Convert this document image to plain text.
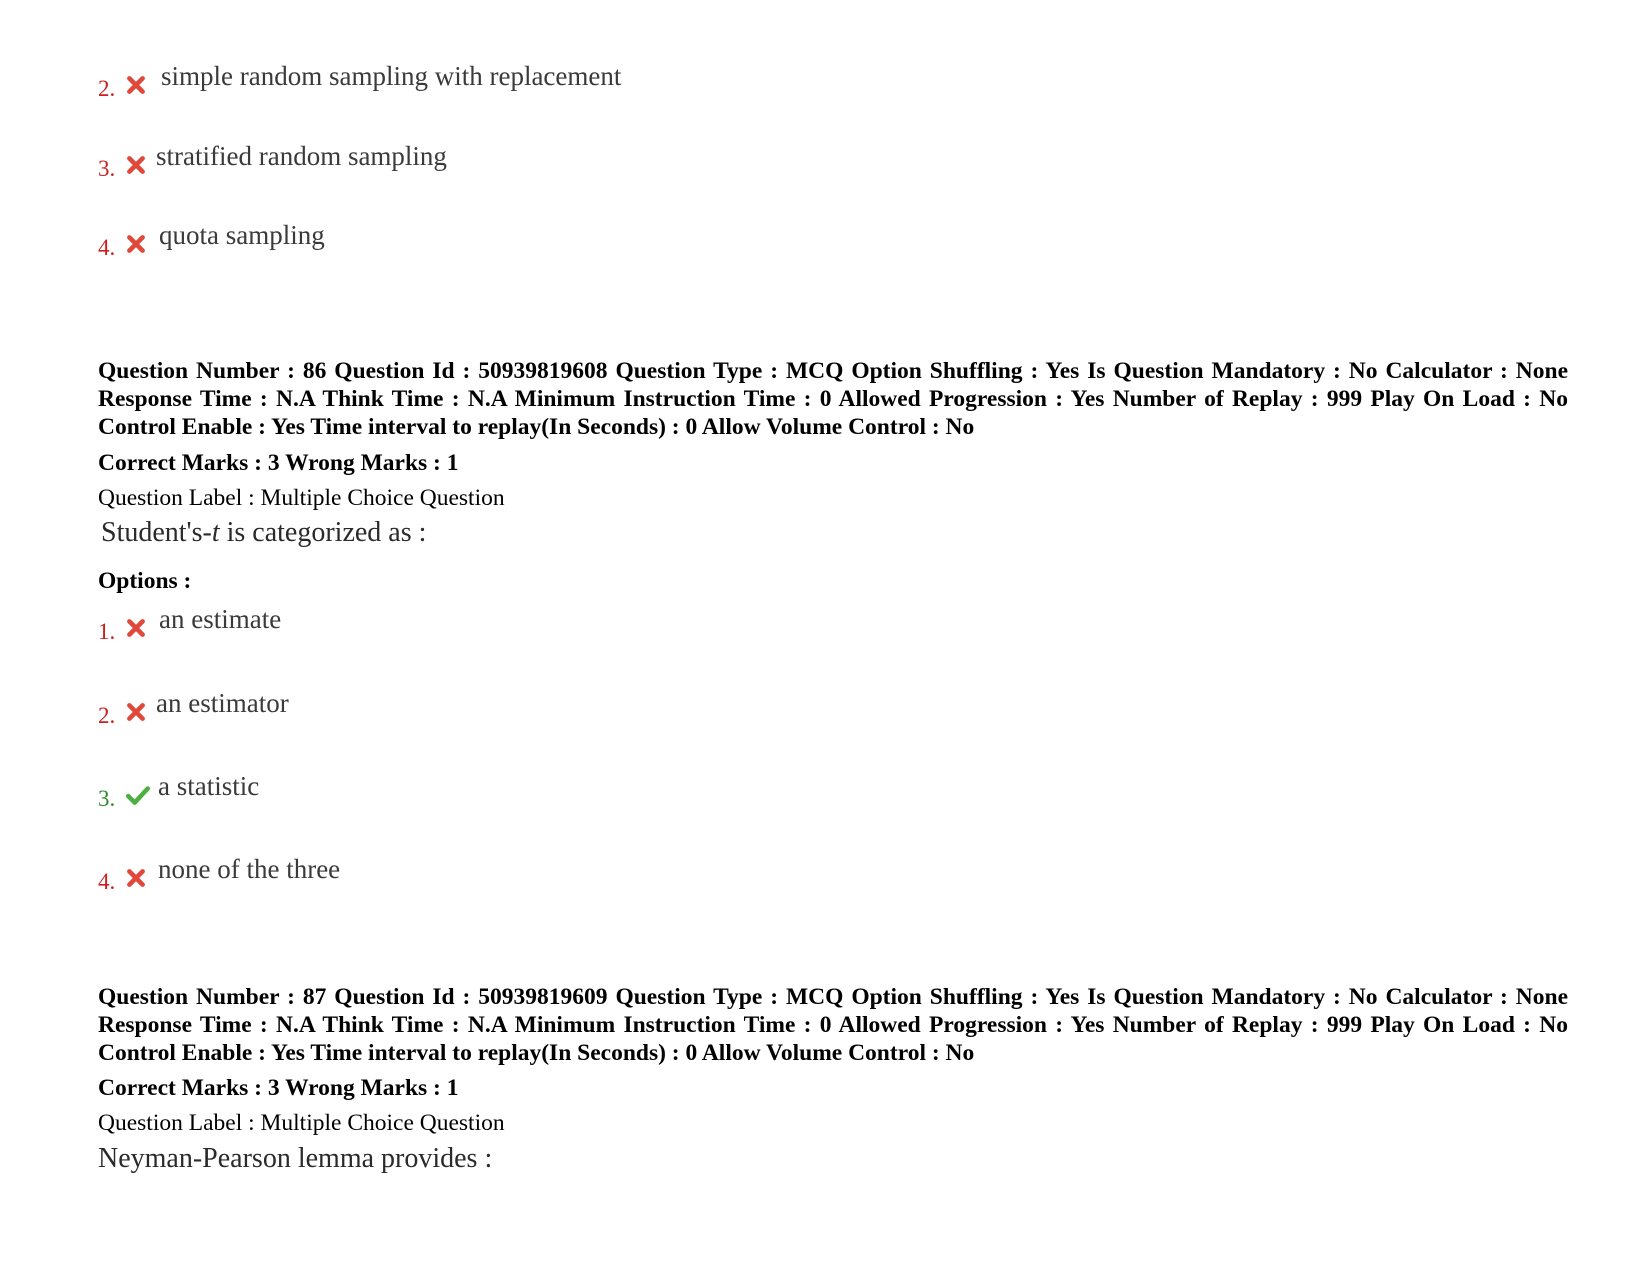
2. simple random sampling with replacement
3. stratified random sampling
4. quota sampling
Question Number : 86 Question Id : 50939819608 Question Type : MCQ Option Shuffling : Yes Is Question Mandatory : No Calculator : None Response Time : N.A Think Time : N.A Minimum Instruction Time : 0 Allowed Progression : Yes Number of Replay : 999 Play On Load : No Control Enable : Yes Time interval to replay(In Seconds) : 0 Allow Volume Control : No
Correct Marks : 3 Wrong Marks : 1
Question Label : Multiple Choice Question
Student's-t is categorized as :
Options :
1. an estimate
2. an estimator
3. a statistic
4. none of the three
Question Number : 87 Question Id : 50939819609 Question Type : MCQ Option Shuffling : Yes Is Question Mandatory : No Calculator : None Response Time : N.A Think Time : N.A Minimum Instruction Time : 0 Allowed Progression : Yes Number of Replay : 999 Play On Load : No Control Enable : Yes Time interval to replay(In Seconds) : 0 Allow Volume Control : No
Correct Marks : 3 Wrong Marks : 1
Question Label : Multiple Choice Question
Neyman-Pearson lemma provides :
